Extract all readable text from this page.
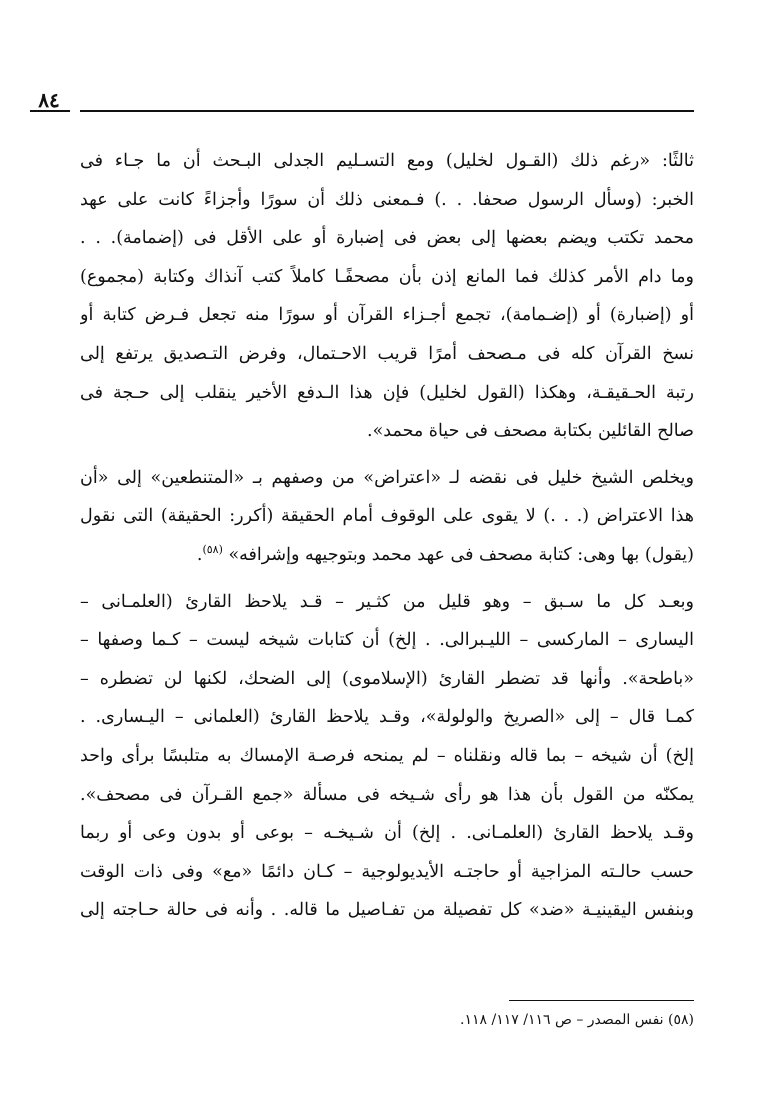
٨٤

ثالثًا: «رغم ذلك (القـول لخليل) ومع التسـليم الجدلى البـحث أن ما جـاء فى
الخبر: (وسأل الرسول صحفا. . .) فـمعنى ذلك أن سورًا وأجزاءً كانت على عهد
محمد تكتب ويضم بعضها إلى بعض فى إضبارة أو على الأقل فى (إضمامة). . .
وما دام الأمر كذلك فما المانع إذن بأن مصحفًـا كاملاً كتب آنذاك وكتابة (مجموع)
أو (إضبارة) أو (إضـمامة)، تجمع أجـزاء القرآن أو سورًا منه تجعل فـرض كتابة أو
نسخ القرآن كله فى مـصحف أمرًا قريب الاحـتمال، وفرض التـصديق يرتفع إلى
رتبة الحـقيقـة، وهكذا (القول لخليل) فإن هذا الـدفع الأخير ينقلب إلى حـجة فى
صالح القائلين بكتابة مصحف فى حياة محمد».

ويخلص الشيخ خليل فى نقضه لـ «اعتراض» من وصفهم بـ «المتنطعين» إلى «أن
هذا الاعتراض (. . .) لا يقوى على الوقوف أمام الحقيقة (أكرر: الحقيقة) التى نقول
(يقول) بها وهى: كتابة مصحف فى عهد محمد وبتوجيهه وإشرافه» $^{(٥٨)}$.

وبعـد كل ما سـبق – وهو قليل من كثـير – قـد يلاحظ القارئ (العلمـانى –
اليسارى – الماركسى – الليـبرالى. . إلخ) أن كتابات شيخه ليست – كـما وصفها –
«باطحة». وأنها قد تضطر القارئ (الإسلاموى) إلى الضحك، لكنها لن تضطره –
كمـا قال – إلى «الصريخ والولولة»، وقـد يلاحظ القارئ (العلمانى – اليـسارى. .
إلخ) أن شيخه – بما قاله ونقلناه – لم يمنحه فرصـة الإمساك به متلبسًا برأى واحد
يمكنّه من القول بأن هذا هو رأى شـيخه فى مسألة «جمع القـرآن فى مصحف».
وقـد يلاحظ القارئ (العلمـانى. . إلخ) أن شـيخـه – بوعى أو بدون وعى أو ربما
حسب حالـته المزاجية أو حاجتـه الأيديولوجية – كـان دائمًا «مع» وفى ذات الوقت
وبنفس اليقينيـة «ضد» كل تفصيلة من تفـاصيل ما قاله. . وأنه فى حالة حـاجته إلى

(٥٨) نفس المصدر – ص ١١٦/ ١١٧/ ١١٨.
